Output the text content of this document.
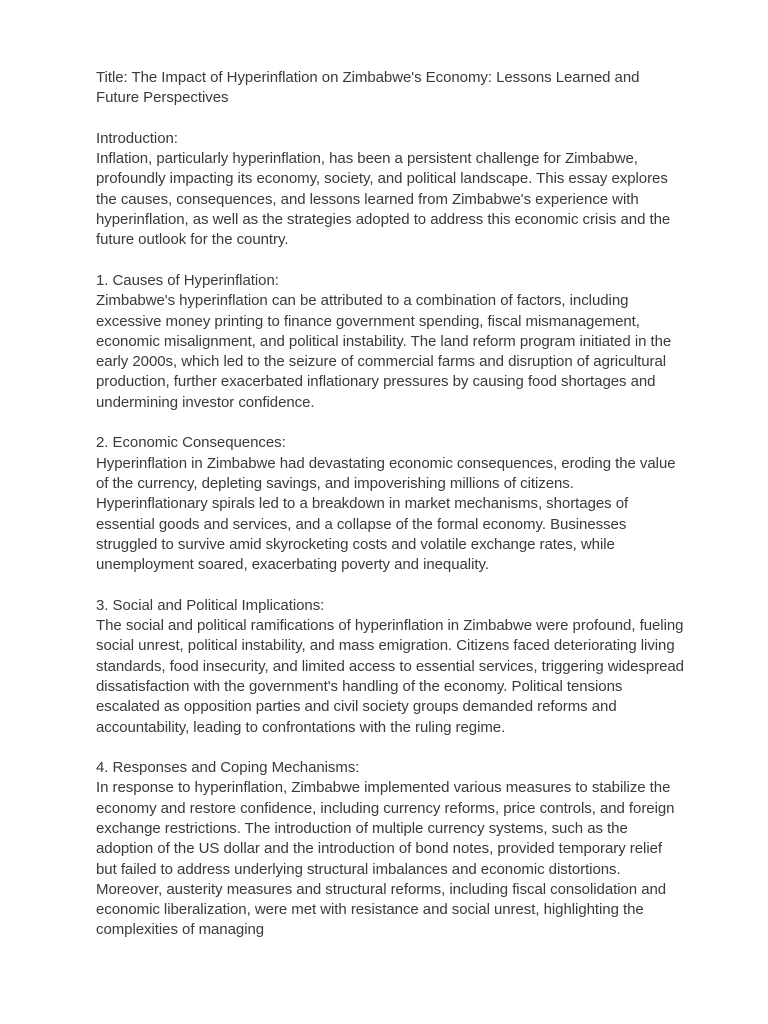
Title: The Impact of Hyperinflation on Zimbabwe's Economy: Lessons Learned and Future Perspectives

Introduction:
Inflation, particularly hyperinflation, has been a persistent challenge for Zimbabwe, profoundly impacting its economy, society, and political landscape. This essay explores the causes, consequences, and lessons learned from Zimbabwe's experience with hyperinflation, as well as the strategies adopted to address this economic crisis and the future outlook for the country.
1. Causes of Hyperinflation:
Zimbabwe's hyperinflation can be attributed to a combination of factors, including excessive money printing to finance government spending, fiscal mismanagement, economic misalignment, and political instability. The land reform program initiated in the early 2000s, which led to the seizure of commercial farms and disruption of agricultural production, further exacerbated inflationary pressures by causing food shortages and undermining investor confidence.
2. Economic Consequences:
Hyperinflation in Zimbabwe had devastating economic consequences, eroding the value of the currency, depleting savings, and impoverishing millions of citizens. Hyperinflationary spirals led to a breakdown in market mechanisms, shortages of essential goods and services, and a collapse of the formal economy. Businesses struggled to survive amid skyrocketing costs and volatile exchange rates, while unemployment soared, exacerbating poverty and inequality.
3. Social and Political Implications:
The social and political ramifications of hyperinflation in Zimbabwe were profound, fueling social unrest, political instability, and mass emigration. Citizens faced deteriorating living standards, food insecurity, and limited access to essential services, triggering widespread dissatisfaction with the government's handling of the economy. Political tensions escalated as opposition parties and civil society groups demanded reforms and accountability, leading to confrontations with the ruling regime.
4. Responses and Coping Mechanisms:
In response to hyperinflation, Zimbabwe implemented various measures to stabilize the economy and restore confidence, including currency reforms, price controls, and foreign exchange restrictions. The introduction of multiple currency systems, such as the adoption of the US dollar and the introduction of bond notes, provided temporary relief but failed to address underlying structural imbalances and economic distortions. Moreover, austerity measures and structural reforms, including fiscal consolidation and economic liberalization, were met with resistance and social unrest, highlighting the complexities of managing
